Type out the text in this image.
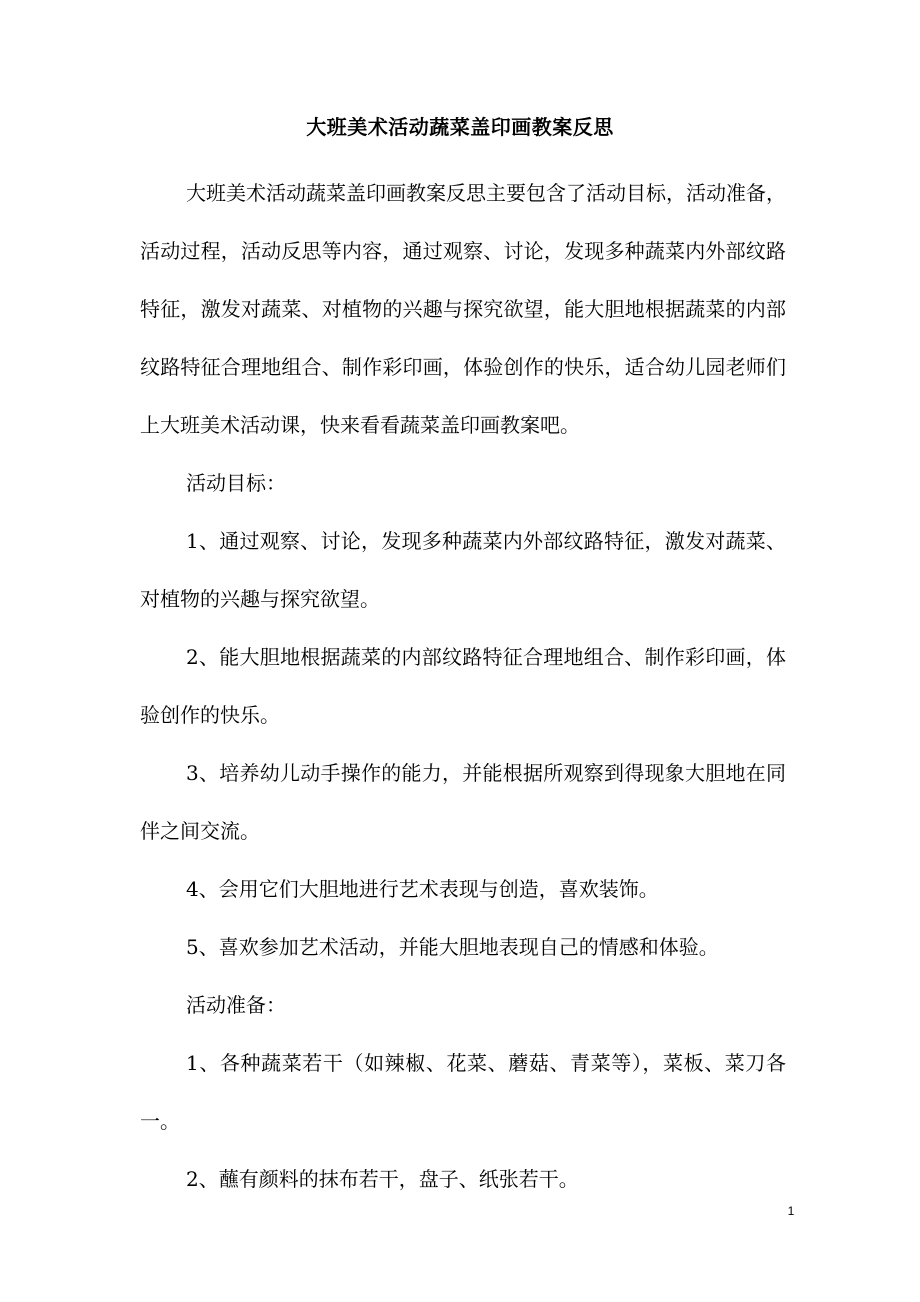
大班美术活动蔬菜盖印画教案反思

大班美术活动蔬菜盖印画教案反思主要包含了活动目标，活动准备，活动过程，活动反思等内容，通过观察、讨论，发现多种蔬菜内外部纹路特征，激发对蔬菜、对植物的兴趣与探究欲望，能大胆地根据蔬菜的内部纹路特征合理地组合、制作彩印画，体验创作的快乐，适合幼儿园老师们上大班美术活动课，快来看看蔬菜盖印画教案吧。

活动目标：

1、通过观察、讨论，发现多种蔬菜内外部纹路特征，激发对蔬菜、对植物的兴趣与探究欲望。

2、能大胆地根据蔬菜的内部纹路特征合理地组合、制作彩印画，体验创作的快乐。

3、培养幼儿动手操作的能力，并能根据所观察到得现象大胆地在同伴之间交流。

4、会用它们大胆地进行艺术表现与创造，喜欢装饰。

5、喜欢参加艺术活动，并能大胆地表现自己的情感和体验。

活动准备：

1、各种蔬菜若干（如辣椒、花菜、蘑菇、青菜等），菜板、菜刀各一。

2、蘸有颜料的抹布若干，盘子、纸张若干。

1
